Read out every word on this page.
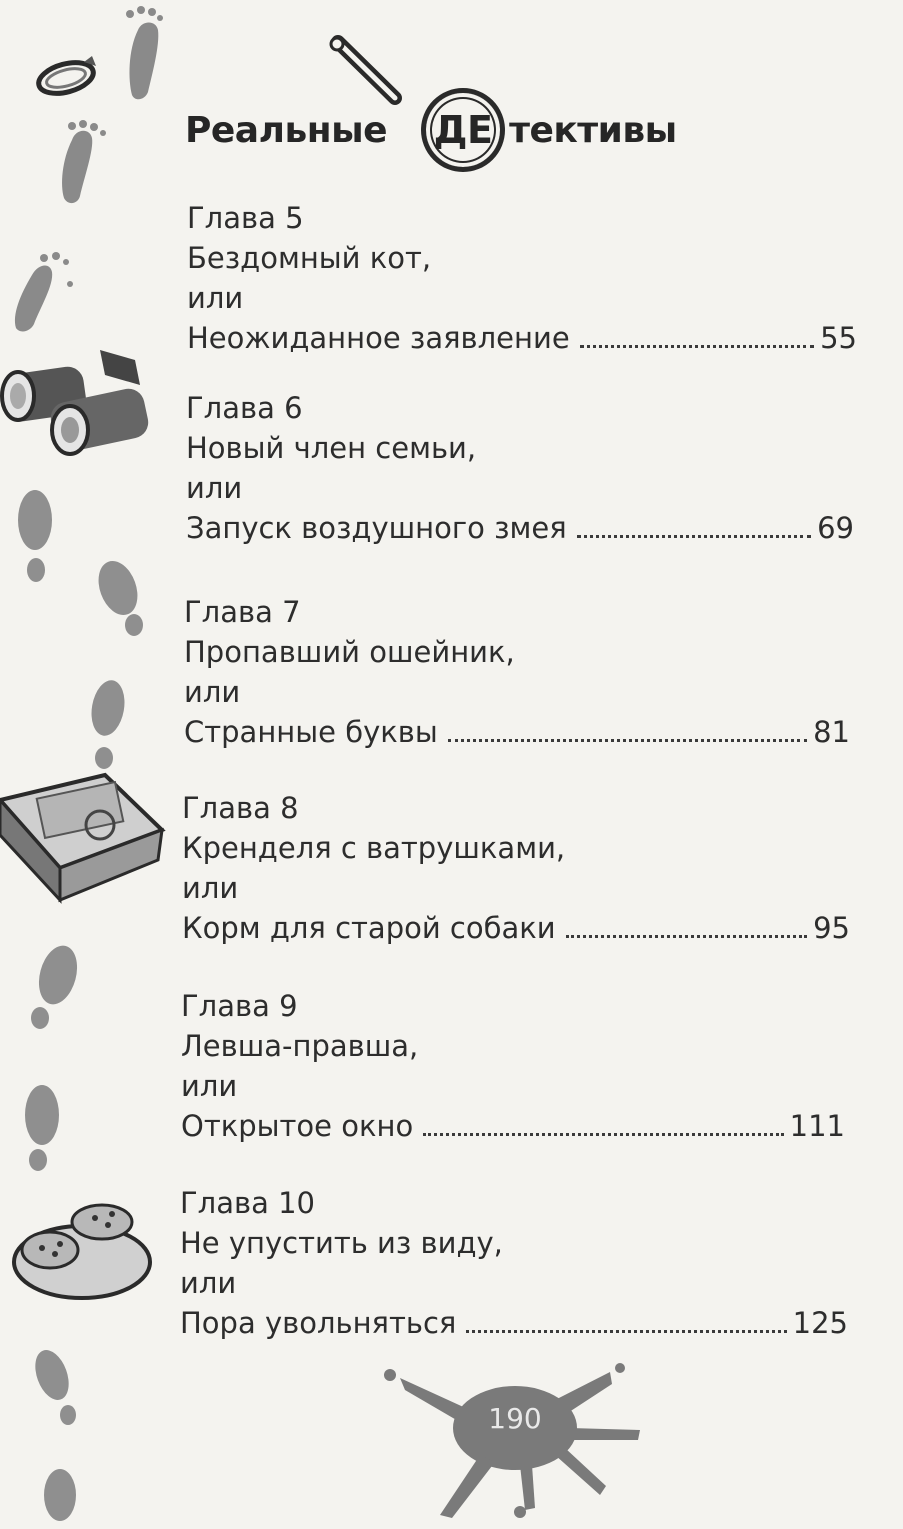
Реальные ДЕ тективы
Глава 5
Бездомный кот,
или
Неожиданное заявление	55
Глава 6
Новый член семьи,
или
Запуск воздушного змея	69
Глава 7
Пропавший ошейник,
или
Странные буквы	81
Глава 8
Кренделя с ватрушками,
или
Корм для старой собаки	95
Глава 9
Левша-правша,
или
Открытое окно	111
Глава 10
Не упустить из виду,
или
Пора увольняться	125
190
